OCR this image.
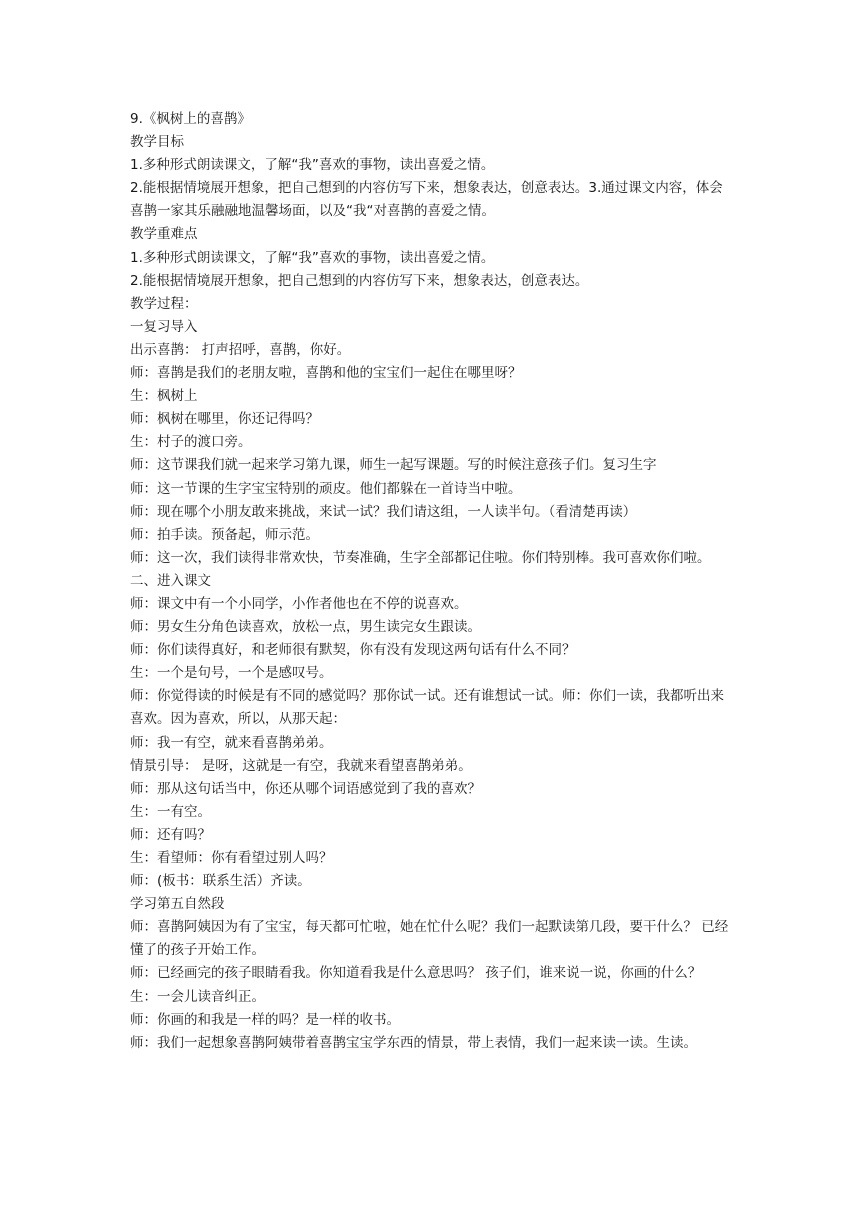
9.《枫树上的喜鹊》

教学目标

1.多种形式朗读课文，了解“我”喜欢的事物，读出喜爱之情。

2.能根据情境展开想象，把自己想到的内容仿写下来，想象表达，创意表达。3.通过课文内容，体会喜鹊一家其乐融融地温馨场面，以及“我“对喜鹊的喜爱之情。

教学重难点

1.多种形式朗读课文，了解“我”喜欢的事物，读出喜爱之情。

2.能根据情境展开想象，把自己想到的内容仿写下来，想象表达，创意表达。

教学过程：

一复习导入

出示喜鹊： 打声招呼，喜鹊，你好。

师：喜鹊是我们的老朋友啦，喜鹊和他的宝宝们一起住在哪里呀？

生：枫树上

师：枫树在哪里，你还记得吗？

生：村子的渡口旁。

师：这节课我们就一起来学习第九课，师生一起写课题。写的时候注意孩子们。复习生字

师：这一节课的生字宝宝特别的顽皮。他们都躲在一首诗当中啦。

师：现在哪个小朋友敢来挑战，来试一试？我们请这组，一人读半句。（看清楚再读）

师：拍手读。预备起，师示范。

师：这一次，我们读得非常欢快，节奏准确，生字全部都记住啦。你们特别棒。我可喜欢你们啦。

二、进入课文

师：课文中有一个小同学，小作者他也在不停的说喜欢。

师：男女生分角色读喜欢，放松一点，男生读完女生跟读。

师：你们读得真好，和老师很有默契，你有没有发现这两句话有什么不同？

生：一个是句号，一个是感叹号。

师：你觉得读的时候是有不同的感觉吗？那你试一试。还有谁想试一试。师：你们一读，我都听出来喜欢。因为喜欢，所以，从那天起：

师：我一有空，就来看喜鹊弟弟。

情景引导： 是呀，这就是一有空，我就来看望喜鹊弟弟。

师：那从这句话当中，你还从哪个词语感觉到了我的喜欢？

生：一有空。

师：还有吗？

生：看望师：你有看望过别人吗？

师：(板书：联系生活）齐读。

学习第五自然段

师：喜鹊阿姨因为有了宝宝，每天都可忙啦，她在忙什么呢？我们一起默读第几段，要干什么？ 已经懂了的孩子开始工作。

师：已经画完的孩子眼睛看我。你知道看我是什么意思吗？ 孩子们，谁来说一说，你画的什么？

生：一会儿读音纠正。

师：你画的和我是一样的吗？是一样的收书。

师：我们一起想象喜鹊阿姨带着喜鹊宝宝学东西的情景，带上表情，我们一起来读一读。生读。
